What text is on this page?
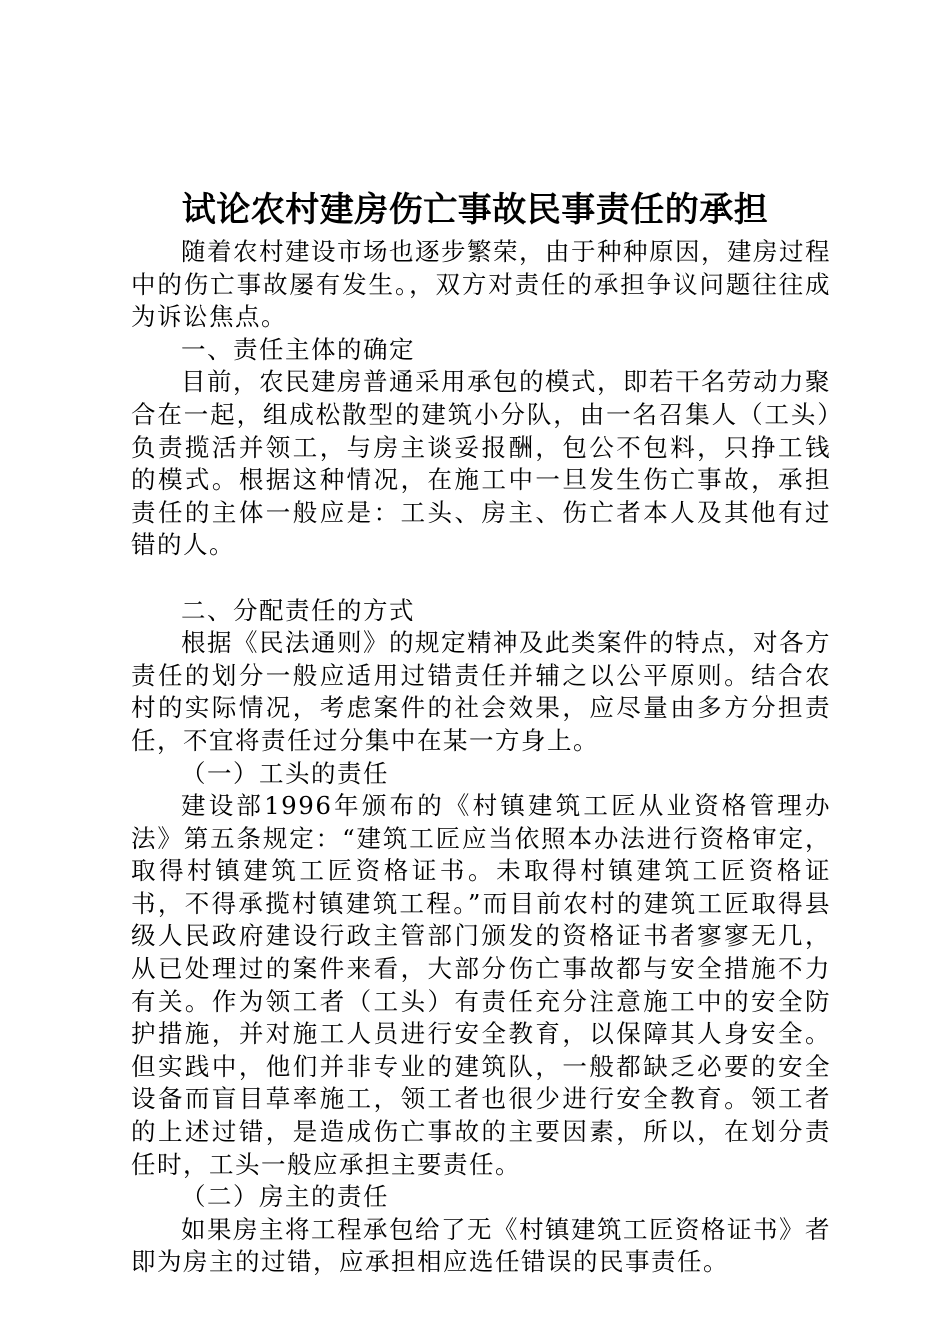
试论农村建房伤亡事故民事责任的承担

随着农村建设市场也逐步繁荣，由于种种原因，建房过程中的伤亡事故屡有发生。，双方对责任的承担争议问题往往成为诉讼焦点。

一、责任主体的确定

目前，农民建房普通采用承包的模式，即若干名劳动力聚合在一起，组成松散型的建筑小分队，由一名召集人（工头）负责揽活并领工，与房主谈妥报酬，包公不包料，只挣工钱的模式。根据这种情况，在施工中一旦发生伤亡事故，承担责任的主体一般应是：工头、房主、伤亡者本人及其他有过错的人。

二、分配责任的方式

根据《民法通则》的规定精神及此类案件的特点，对各方责任的划分一般应适用过错责任并辅之以公平原则。结合农村的实际情况，考虑案件的社会效果，应尽量由多方分担责任，不宜将责任过分集中在某一方身上。

（一）工头的责任

建设部1996年颁布的《村镇建筑工匠从业资格管理办法》第五条规定：“建筑工匠应当依照本办法进行资格审定，取得村镇建筑工匠资格证书。未取得村镇建筑工匠资格证书，不得承揽村镇建筑工程。”而目前农村的建筑工匠取得县级人民政府建设行政主管部门颁发的资格证书者寥寥无几，从已处理过的案件来看，大部分伤亡事故都与安全措施不力有关。作为领工者（工头）有责任充分注意施工中的安全防护措施，并对施工人员进行安全教育，以保障其人身安全。但实践中，他们并非专业的建筑队，一般都缺乏必要的安全设备而盲目草率施工，领工者也很少进行安全教育。领工者的上述过错，是造成伤亡事故的主要因素，所以，在划分责任时，工头一般应承担主要责任。

（二）房主的责任

如果房主将工程承包给了无《村镇建筑工匠资格证书》者即为房主的过错，应承担相应选任错误的民事责任。
